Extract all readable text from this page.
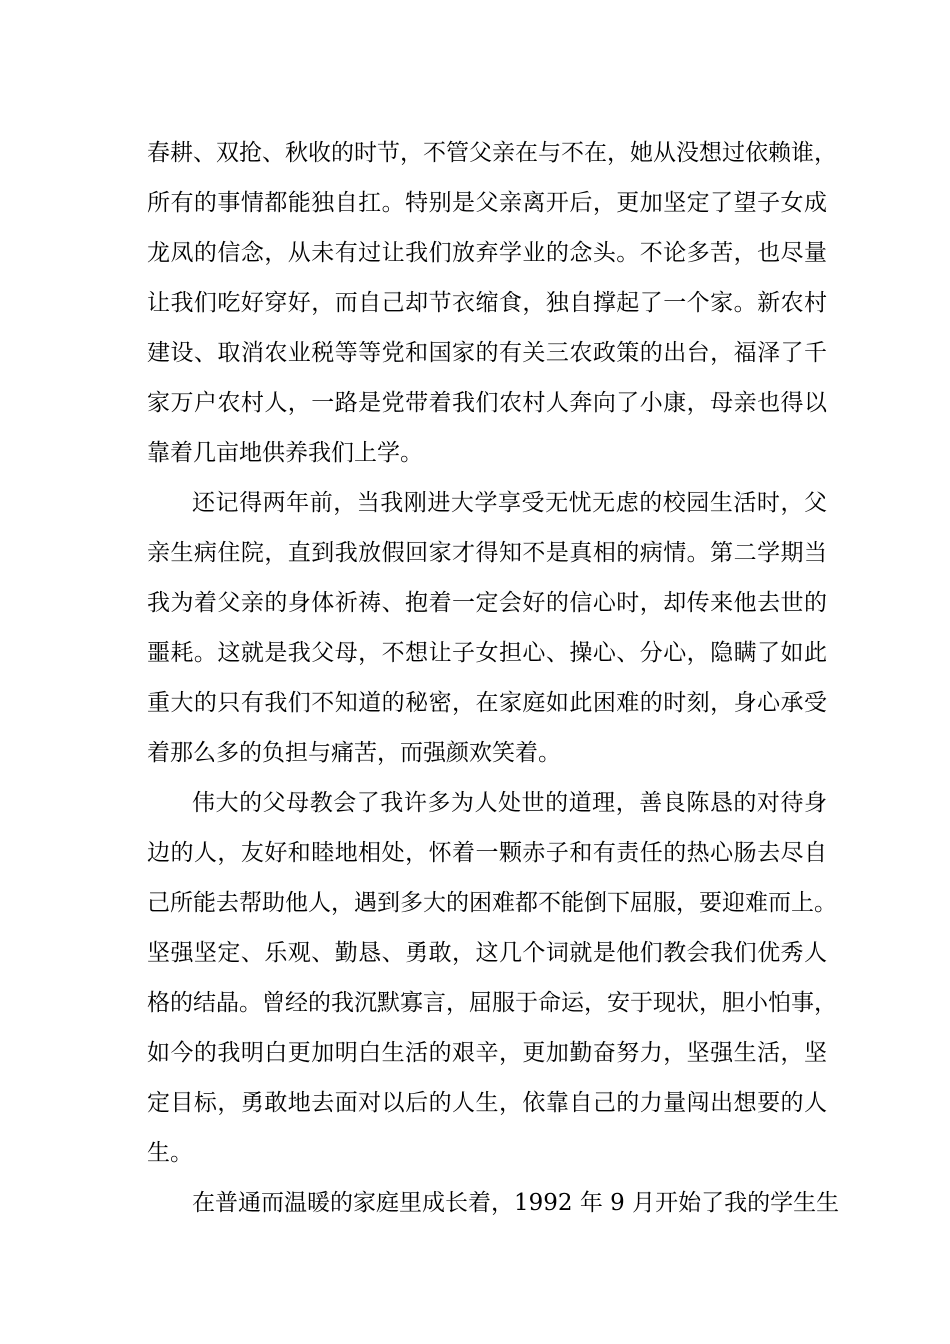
春耕、双抢、秋收的时节，不管父亲在与不在，她从没想过依赖谁，
所有的事情都能独自扛。特别是父亲离开后，更加坚定了望子女成
龙凤的信念，从未有过让我们放弃学业的念头。不论多苦，也尽量
让我们吃好穿好，而自己却节衣缩食，独自撑起了一个家。新农村
建设、取消农业税等等党和国家的有关三农政策的出台，福泽了千
家万户农村人，一路是党带着我们农村人奔向了小康，母亲也得以
靠着几亩地供养我们上学。
还记得两年前，当我刚进大学享受无忧无虑的校园生活时，父
亲生病住院，直到我放假回家才得知不是真相的病情。第二学期当
我为着父亲的身体祈祷、抱着一定会好的信心时，却传来他去世的
噩耗。这就是我父母，不想让子女担心、操心、分心，隐瞒了如此
重大的只有我们不知道的秘密，在家庭如此困难的时刻，身心承受
着那么多的负担与痛苦，而强颜欢笑着。
伟大的父母教会了我许多为人处世的道理，善良陈恳的对待身
边的人，友好和睦地相处，怀着一颗赤子和有责任的热心肠去尽自
己所能去帮助他人，遇到多大的困难都不能倒下屈服，要迎难而上。
坚强坚定、乐观、勤恳、勇敢，这几个词就是他们教会我们优秀人
格的结晶。曾经的我沉默寡言，屈服于命运，安于现状，胆小怕事，
如今的我明白更加明白生活的艰辛，更加勤奋努力，坚强生活，坚
定目标，勇敢地去面对以后的人生，依靠自己的力量闯出想要的人
生。
在普通而温暖的家庭里成长着，1992 年 9 月开始了我的学生生
